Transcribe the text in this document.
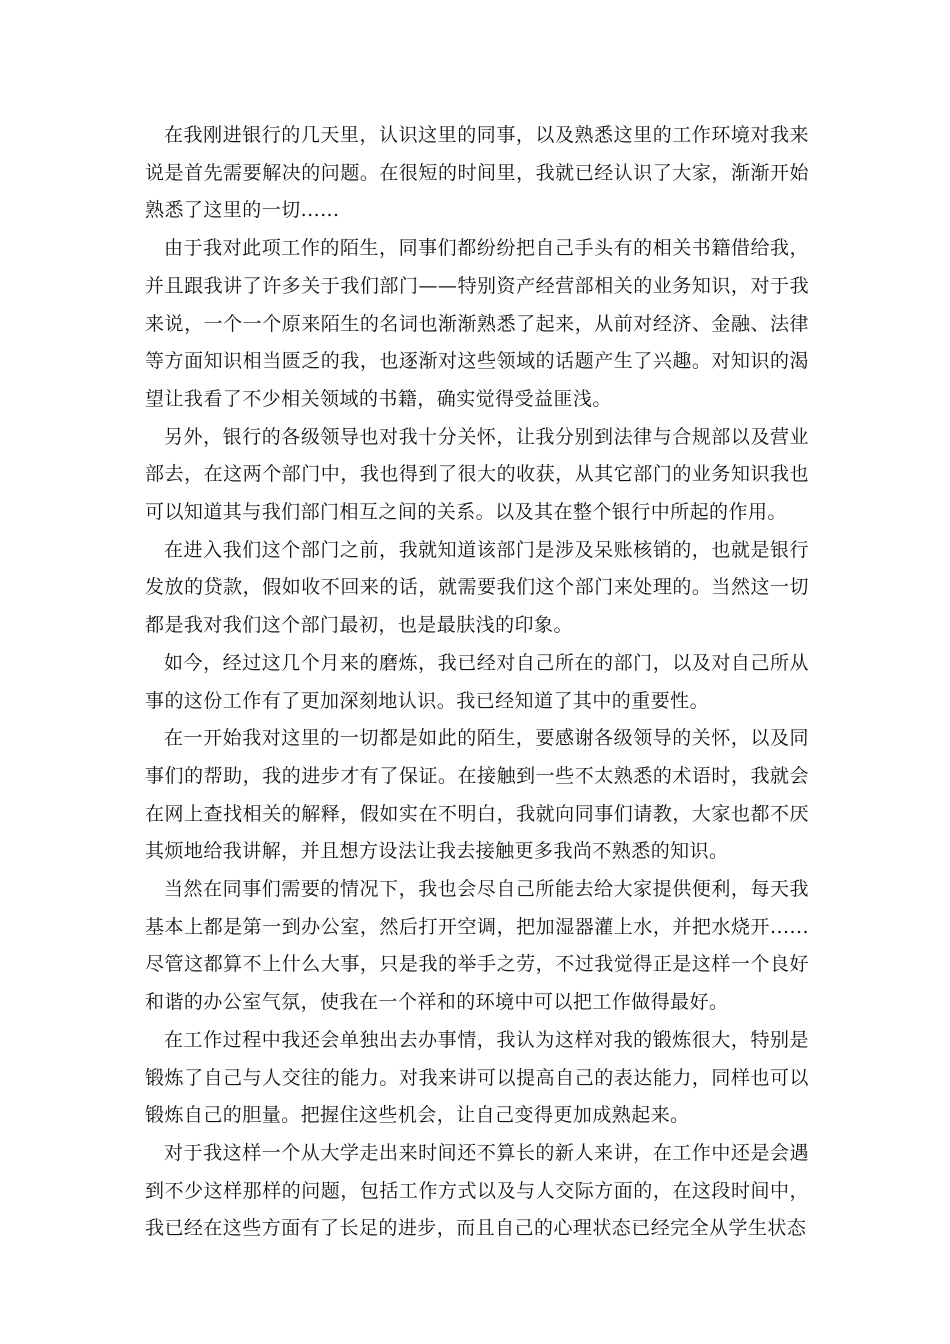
在我刚进银行的几天里，认识这里的同事，以及熟悉这里的工作环境对我来说是首先需要解决的问题。在很短的时间里，我就已经认识了大家，渐渐开始熟悉了这里的一切......

由于我对此项工作的陌生，同事们都纷纷把自己手头有的相关书籍借给我，并且跟我讲了许多关于我们部门——特别资产经营部相关的业务知识，对于我来说，一个一个原来陌生的名词也渐渐熟悉了起来，从前对经济、金融、法律等方面知识相当匮乏的我，也逐渐对这些领域的话题产生了兴趣。对知识的渴望让我看了不少相关领域的书籍，确实觉得受益匪浅。

另外，银行的各级领导也对我十分关怀，让我分别到法律与合规部以及营业部去，在这两个部门中，我也得到了很大的收获，从其它部门的业务知识我也可以知道其与我们部门相互之间的关系。以及其在整个银行中所起的作用。

在进入我们这个部门之前，我就知道该部门是涉及呆账核销的，也就是银行发放的贷款，假如收不回来的话，就需要我们这个部门来处理的。当然这一切都是我对我们这个部门最初，也是最肤浅的印象。

如今，经过这几个月来的磨炼，我已经对自己所在的部门，以及对自己所从事的这份工作有了更加深刻地认识。我已经知道了其中的重要性。

在一开始我对这里的一切都是如此的陌生，要感谢各级领导的关怀，以及同事们的帮助，我的进步才有了保证。在接触到一些不太熟悉的术语时，我就会在网上查找相关的解释，假如实在不明白，我就向同事们请教，大家也都不厌其烦地给我讲解，并且想方设法让我去接触更多我尚不熟悉的知识。

当然在同事们需要的情况下，我也会尽自己所能去给大家提供便利，每天我基本上都是第一到办公室，然后打开空调，把加湿器灌上水，并把水烧开......尽管这都算不上什么大事，只是我的举手之劳，不过我觉得正是这样一个良好和谐的办公室气氛，使我在一个祥和的环境中可以把工作做得最好。

在工作过程中我还会单独出去办事情，我认为这样对我的锻炼很大，特别是锻炼了自己与人交往的能力。对我来讲可以提高自己的表达能力，同样也可以锻炼自己的胆量。把握住这些机会，让自己变得更加成熟起来。

对于我这样一个从大学走出来时间还不算长的新人来讲，在工作中还是会遇到不少这样那样的问题，包括工作方式以及与人交际方面的，在这段时间中，我已经在这些方面有了长足的进步，而且自己的心理状态已经完全从学生状态
